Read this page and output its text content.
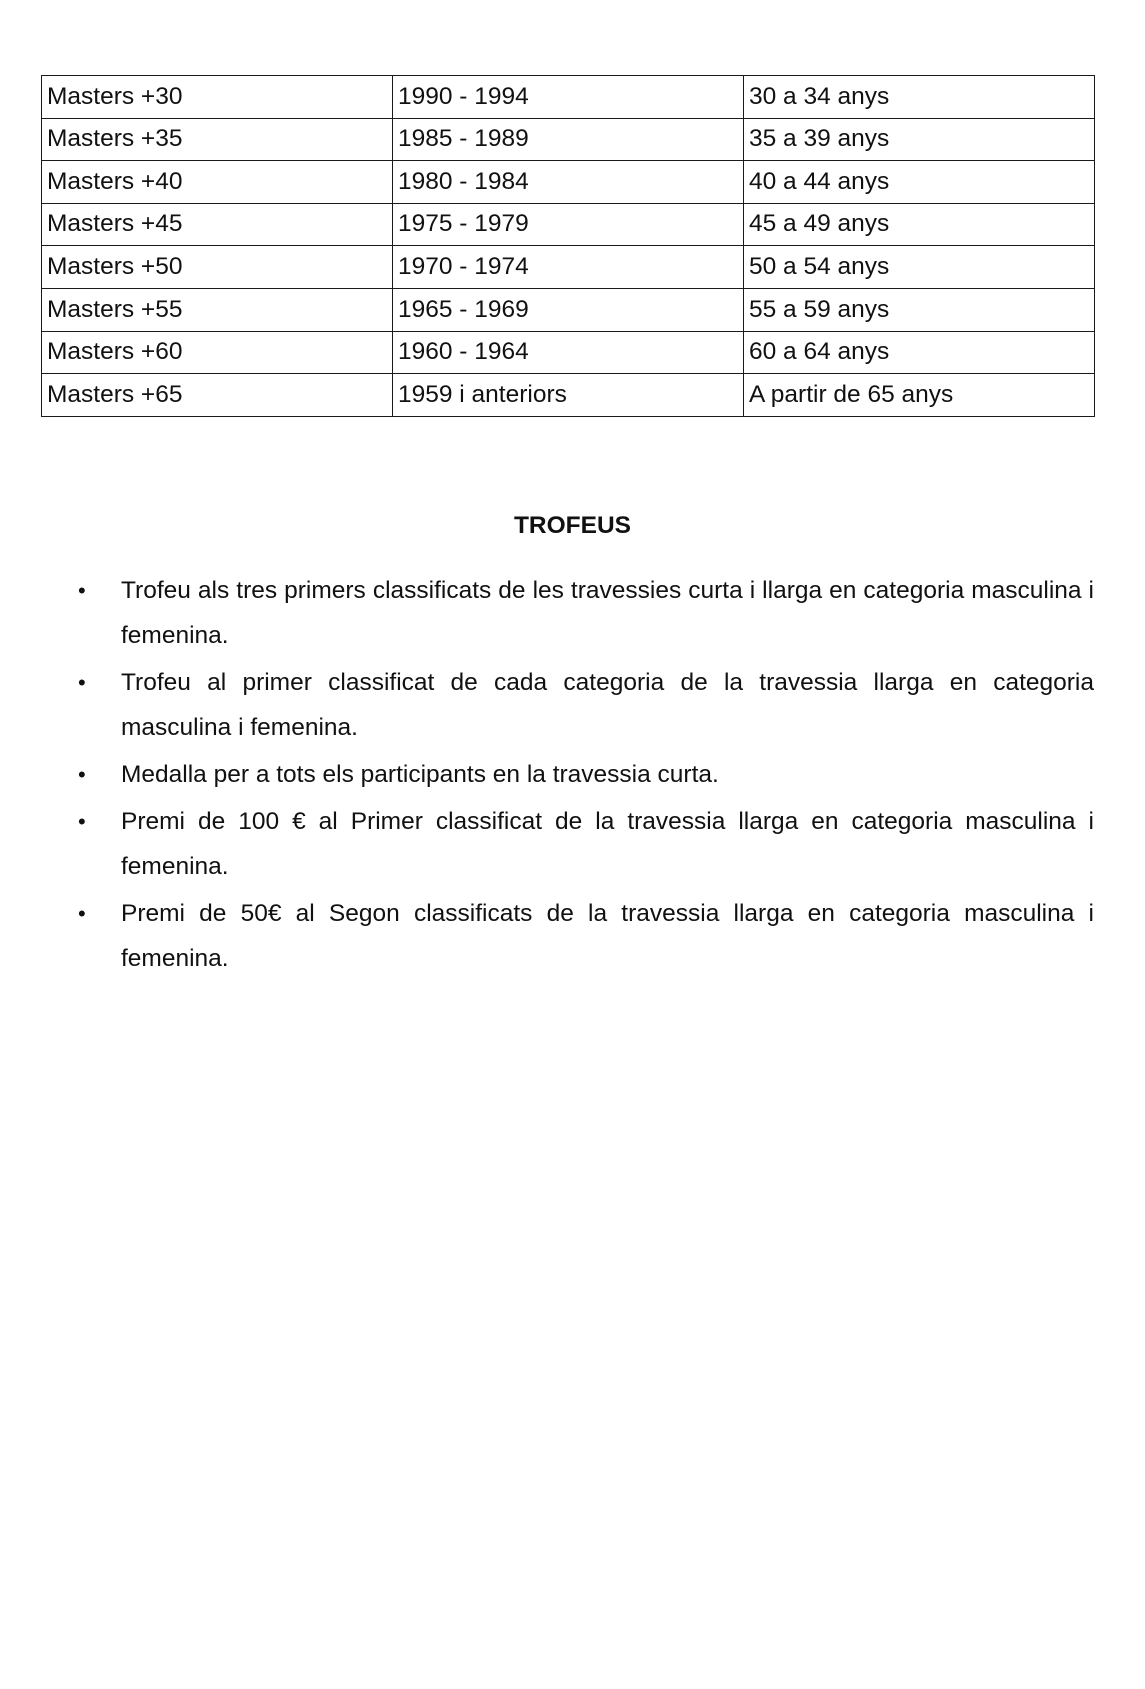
Masters +30	1990 - 1994	30 a 34 anys
Masters +35	1985 - 1989	35 a 39 anys
Masters +40	1980 - 1984	40 a 44 anys
Masters +45	1975 - 1979	45 a 49 anys
Masters +50	1970 - 1974	50 a 54 anys
Masters +55	1965 - 1969	55 a 59 anys
Masters +60	1960 - 1964	60 a 64 anys
Masters +65	1959 i anteriors	A partir de 65 anys
TROFEUS
• Trofeu als tres primers classificats de les travessies curta i llarga en categoria masculina i femenina.
• Trofeu al primer classificat de cada categoria de la travessia llarga en categoria masculina i femenina.
• Medalla per a tots els participants en la travessia curta.
• Premi de 100 € al Primer classificat de la travessia llarga en categoria masculina i femenina.
• Premi de 50€ al Segon classificats de la travessia llarga en categoria masculina i femenina.
